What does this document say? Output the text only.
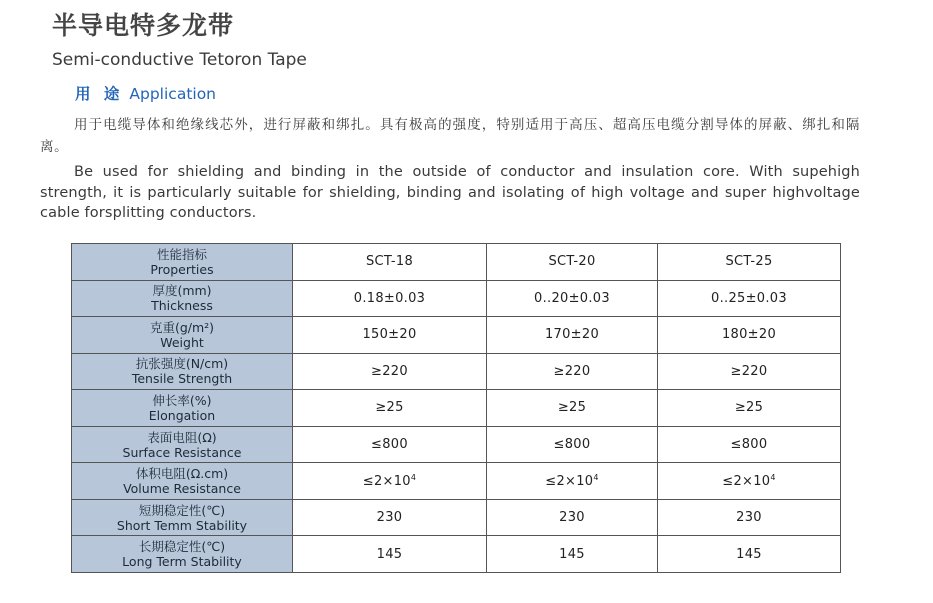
半导电特多龙带
Semi-conductive Tetoron Tape
用 途 Application
用于电缆导体和绝缘线芯外，进行屏蔽和绑扎。具有极高的强度，特别适用于高压、超高压电缆分割导体的屏蔽、绑扎和隔离。
Be used for shielding and binding in the outside of conductor and insulation core. With supehigh strength, it is particularly suitable for shielding, binding and isolating of high voltage and super highvoltage cable forsplitting conductors.
性能指标
Properties	SCT-18	SCT-20	SCT-25

厚度(mm)
Thickness	0.18±0.03	0..20±0.03	0..25±0.03

克重(g/m²)
Weight	150±20	170±20	180±20

抗张强度(N/cm)
Tensile Strength	≥220	≥220	≥220

伸长率(%)
Elongation	≥25	≥25	≥25

表面电阻(Ω)
Surface Resistance	≤800	≤800	≤800

体积电阻(Ω.cm)
Volume Resistance	$\le 2\times 10^4$	$\le 2\times 10^4$	$\le 2\times 10^4$

短期稳定性(℃)
Short Temm Stability	230	230	230

长期稳定性(℃)
Long Term Stability	145	145	145
